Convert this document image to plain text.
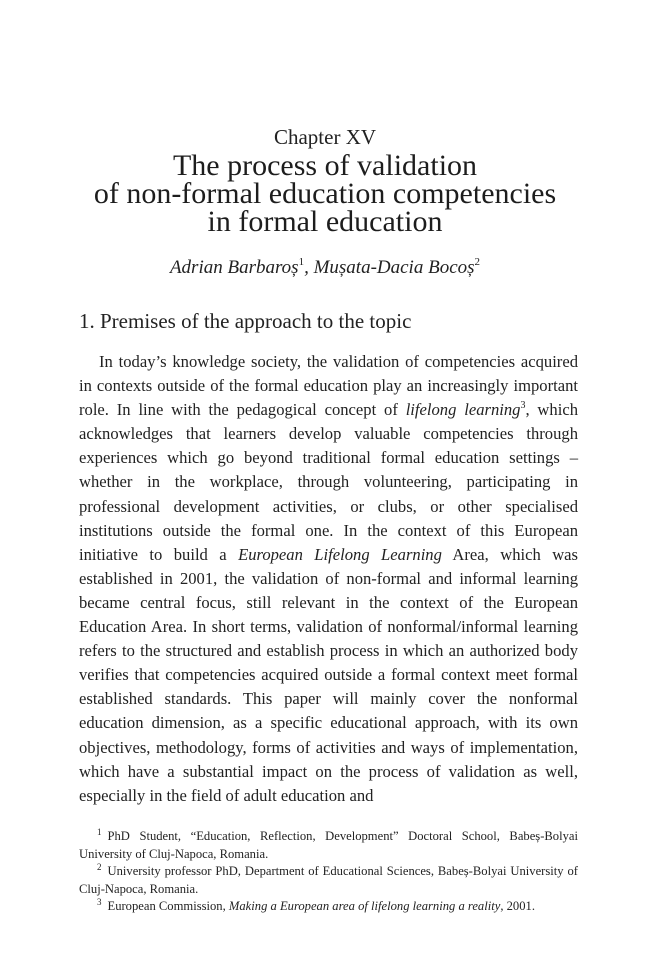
Chapter XV
The process of validation
of non-formal education competencies
in formal education
Adrian Barbaroș$^1$, Mușata-Dacia Bocoș$^2$
1. Premises of the approach to the topic

In today’s knowledge society, the validation of competencies acquired in contexts outside of the formal education play an increasingly important role. In line with the pedagogical concept of lifelong learning$^3$, which acknowledges that learners develop valuable competencies through experiences which go beyond traditional formal education settings – whether in the workplace, through volunteering, participating in professional development activities, or clubs, or other specialised institutions outside the formal one. In the context of this European initiative to build a European Lifelong Learning Area, which was established in 2001, the validation of non-formal and informal learning became central focus, still relevant in the context of the European Education Area. In short terms, validation of nonformal/informal learning refers to the structured and establish process in which an authorized body verifies that competencies acquired outside a formal context meet formal established standards. This paper will mainly cover the nonformal education dimension, as a specific educational approach, with its own objectives, methodology, forms of activities and ways of implementation, which have a substantial impact on the process of validation as well, especially in the field of adult education and

$^1$ PhD Student, “Education, Reflection, Development” Doctoral School, Babeș-Bolyai University of Cluj-Napoca, Romania.

$^2$ University professor PhD, Department of Educational Sciences, Babeș-Bolyai University of Cluj-Napoca, Romania.

$^3$ European Commission, Making a European area of lifelong learning a reality, 2001.
